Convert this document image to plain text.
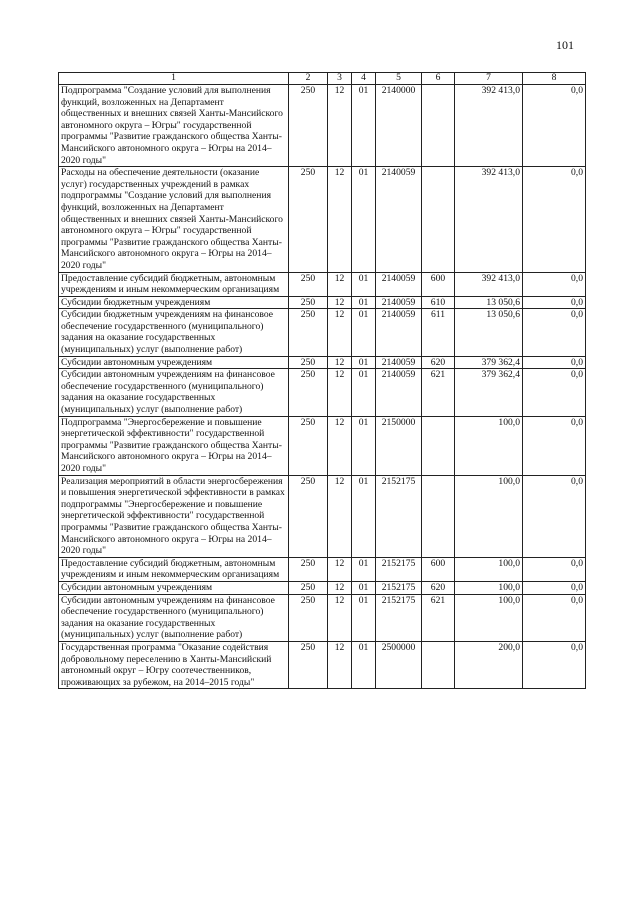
101
1	2	3	4	5	6	7	8
Подпрограмма "Создание условий для выполнения функций, возложенных на Департамент общественных и внешних связей Ханты-Мансийского автономного округа – Югры" государственной программы "Развитие гражданского общества Ханты-Мансийского автономного округа – Югры на 2014–2020 годы"	250	12	01	2140000		392 413,0	0,0
Расходы на обеспечение деятельности (оказание услуг) государственных учреждений в рамках подпрограммы "Создание условий для выполнения функций, возложенных на Департамент общественных и внешних связей Ханты-Мансийского автономного округа – Югры" государственной программы "Развитие гражданского общества Ханты-Мансийского автономного округа – Югры на 2014–2020 годы"	250	12	01	2140059		392 413,0	0,0
Предоставление субсидий бюджетным, автономным учреждениям и иным некоммерческим организациям	250	12	01	2140059	600	392 413,0	0,0
Субсидии бюджетным учреждениям	250	12	01	2140059	610	13 050,6	0,0
Субсидии бюджетным учреждениям на финансовое обеспечение государственного (муниципального) задания на оказание государственных (муниципальных) услуг (выполнение работ)	250	12	01	2140059	611	13 050,6	0,0
Субсидии автономным учреждениям	250	12	01	2140059	620	379 362,4	0,0
Субсидии автономным учреждениям на финансовое обеспечение государственного (муниципального) задания на оказание государственных (муниципальных) услуг (выполнение работ)	250	12	01	2140059	621	379 362,4	0,0
Подпрограмма "Энергосбережение и повышение энергетической эффективности" государственной программы "Развитие гражданского общества Ханты-Мансийского автономного округа – Югры на 2014–2020 годы"	250	12	01	2150000		100,0	0,0
Реализация мероприятий в области энергосбережения и повышения энергетической эффективности в рамках подпрограммы "Энергосбережение и повышение энергетической эффективности" государственной программы "Развитие гражданского общества Ханты-Мансийского автономного округа – Югры на 2014–2020 годы"	250	12	01	2152175		100,0	0,0
Предоставление субсидий бюджетным, автономным учреждениям и иным некоммерческим организациям	250	12	01	2152175	600	100,0	0,0
Субсидии автономным учреждениям	250	12	01	2152175	620	100,0	0,0
Субсидии автономным учреждениям на финансовое обеспечение государственного (муниципального) задания на оказание государственных (муниципальных) услуг (выполнение работ)	250	12	01	2152175	621	100,0	0,0
Государственная программа "Оказание содействия добровольному переселению в Ханты-Мансийский автономный округ – Югру соотечественников, проживающих за рубежом, на 2014–2015 годы"	250	12	01	2500000		200,0	0,0
